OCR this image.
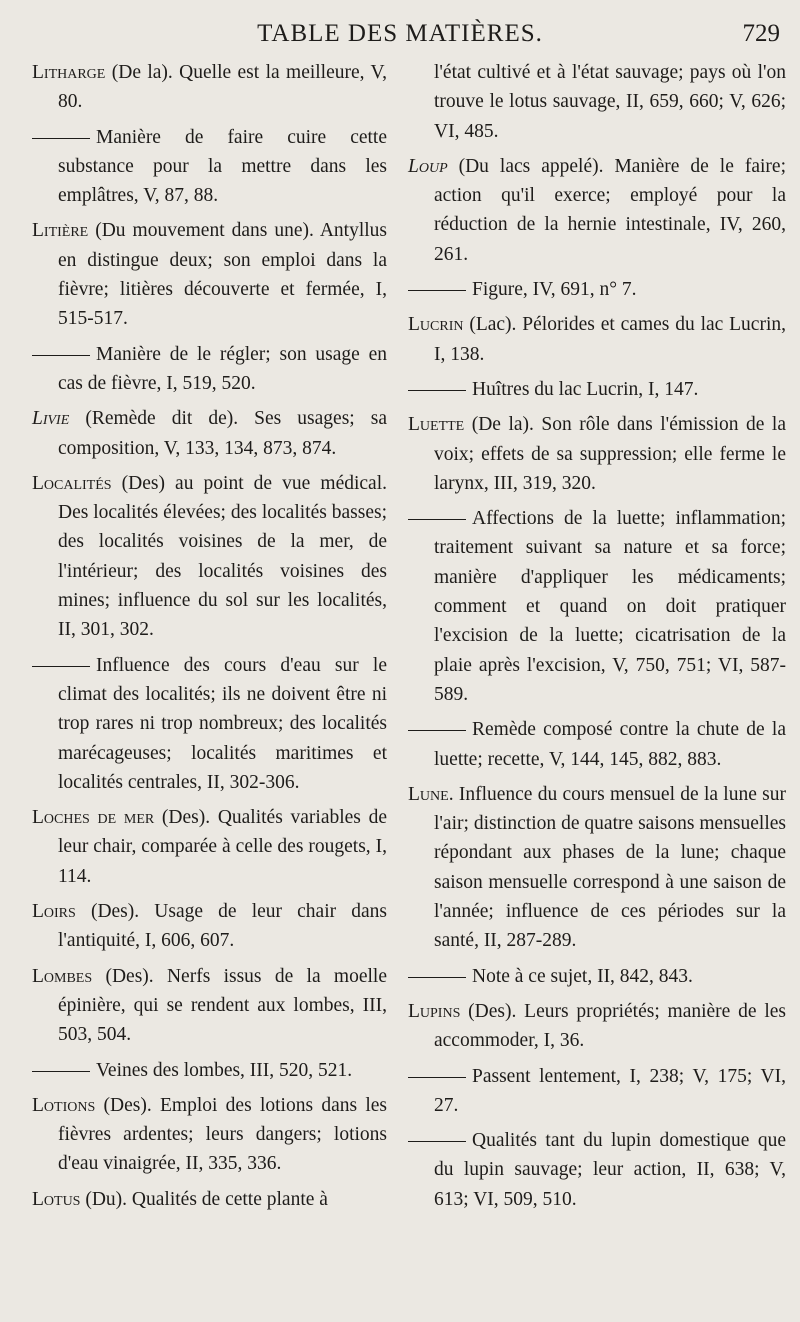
TABLE DES MATIÈRES.	729

Litharge (De la). Quelle est la meilleure, V, 80.

Manière de faire cuire cette substance pour la mettre dans les emplâtres, V, 87, 88.

Litière (Du mouvement dans une). Antyllus en distingue deux; son emploi dans la fièvre; litières découverte et fermée, I, 515-517.

Manière de le régler; son usage en cas de fièvre, I, 519, 520.

Livie (Remède dit de). Ses usages; sa composition, V, 133, 134, 873, 874.

Localités (Des) au point de vue médical. Des localités élevées; des localités basses; des localités voisines de la mer, de l'intérieur; des localités voisines des mines; influence du sol sur les localités, II, 301, 302.

Influence des cours d'eau sur le climat des localités; ils ne doivent être ni trop rares ni trop nombreux; des localités marécageuses; localités maritimes et localités centrales, II, 302-306.

Loches de mer (Des). Qualités variables de leur chair, comparée à celle des rougets, I, 114.

Loirs (Des). Usage de leur chair dans l'antiquité, I, 606, 607.

Lombes (Des). Nerfs issus de la moelle épinière, qui se rendent aux lombes, III, 503, 504.

Veines des lombes, III, 520, 521.

Lotions (Des). Emploi des lotions dans les fièvres ardentes; leurs dangers; lotions d'eau vinaigrée, II, 335, 336.

Lotus (Du). Qualités de cette plante à

l'état cultivé et à l'état sauvage; pays où l'on trouve le lotus sauvage, II, 659, 660; V, 626; VI, 485.

Loup (Du lacs appelé). Manière de le faire; action qu'il exerce; employé pour la réduction de la hernie intestinale, IV, 260, 261.

Figure, IV, 691, n° 7.

Lucrin (Lac). Pélorides et cames du lac Lucrin, I, 138.

Huîtres du lac Lucrin, I, 147.

Luette (De la). Son rôle dans l'émission de la voix; effets de sa suppression; elle ferme le larynx, III, 319, 320.

Affections de la luette; inflammation; traitement suivant sa nature et sa force; manière d'appliquer les médicaments; comment et quand on doit pratiquer l'excision de la luette; cicatrisation de la plaie après l'excision, V, 750, 751; VI, 587-589.

Remède composé contre la chute de la luette; recette, V, 144, 145, 882, 883.

Lune. Influence du cours mensuel de la lune sur l'air; distinction de quatre saisons mensuelles répondant aux phases de la lune; chaque saison mensuelle correspond à une saison de l'année; influence de ces périodes sur la santé, II, 287-289.

Note à ce sujet, II, 842, 843.

Lupins (Des). Leurs propriétés; manière de les accommoder, I, 36.

Passent lentement, I, 238; V, 175; VI, 27.

Qualités tant du lupin domestique que du lupin sauvage; leur action, II, 638; V, 613; VI, 509, 510.
